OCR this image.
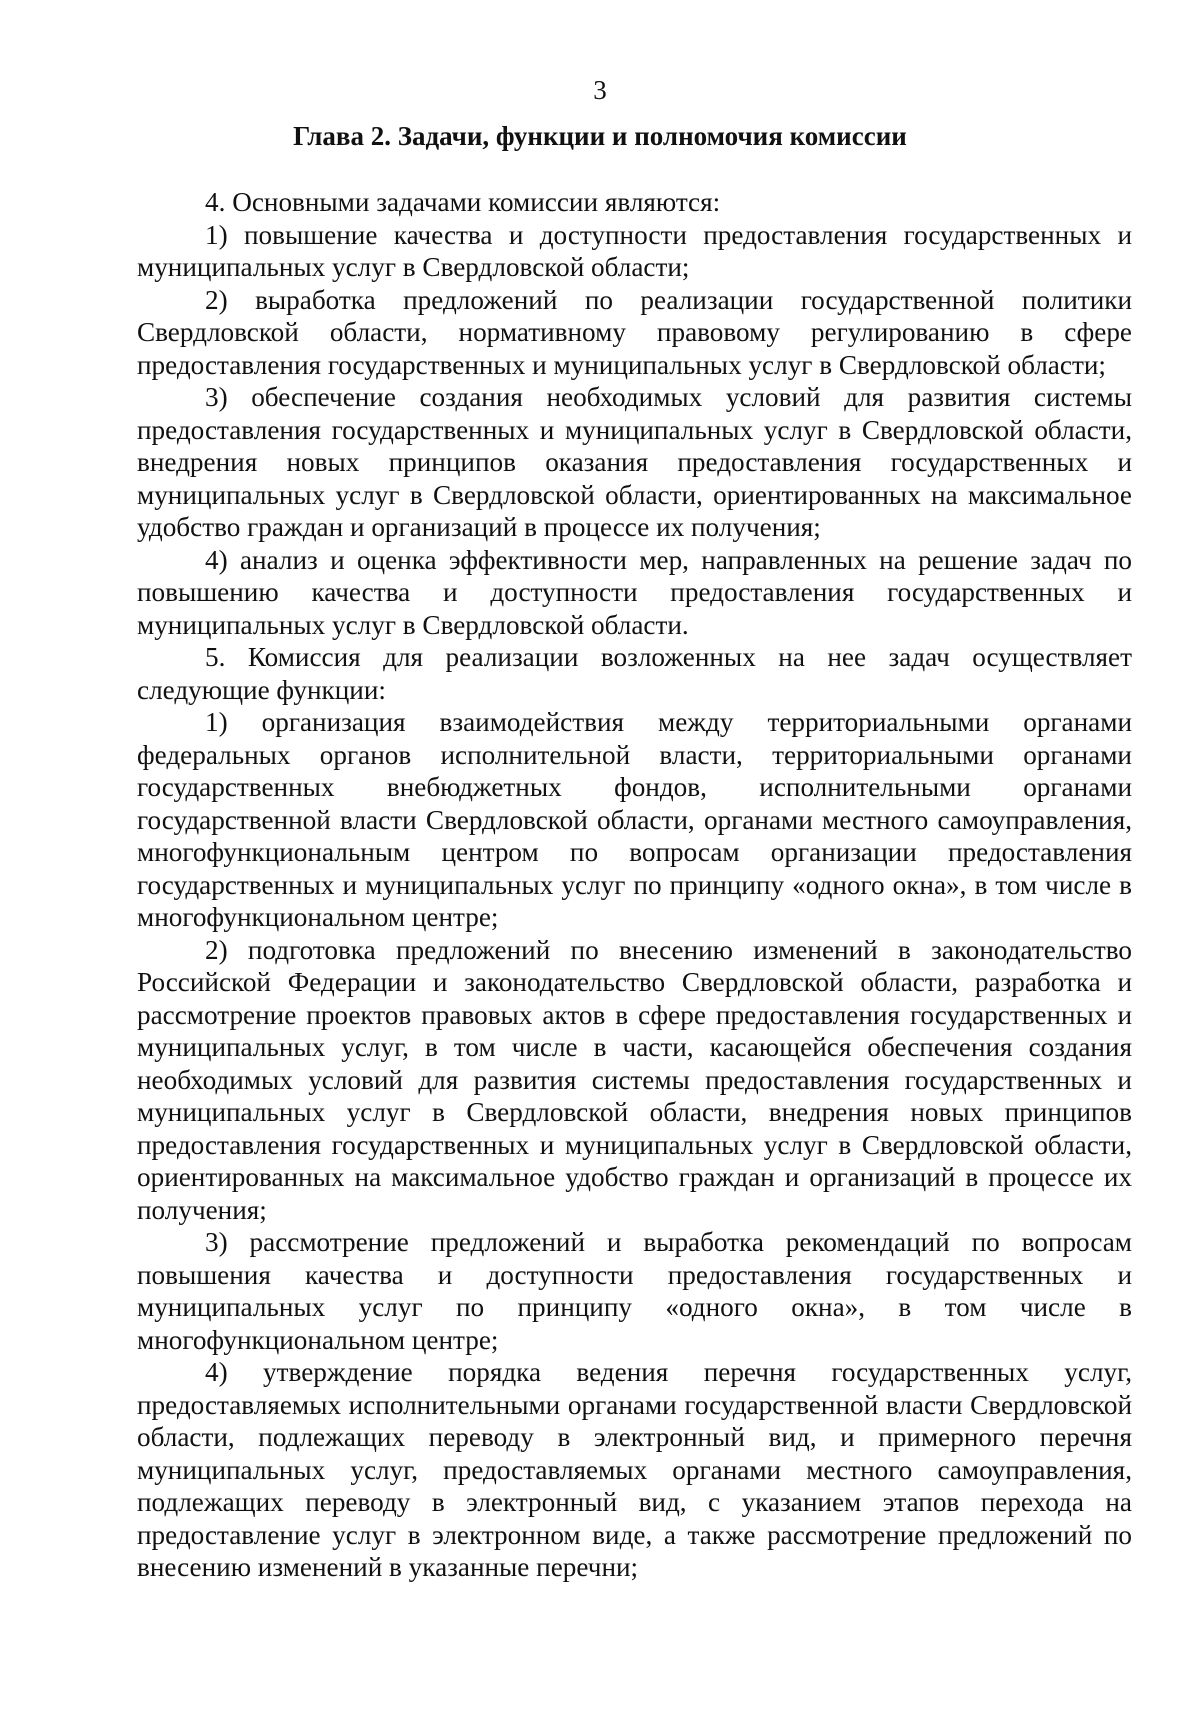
3
Глава 2. Задачи, функции и полномочия комиссии

4. Основными задачами комиссии являются:

1) повышение качества и доступности предоставления государственных и муниципальных услуг в Свердловской области;

2) выработка предложений по реализации государственной политики Свердловской области, нормативному правовому регулированию в сфере предоставления государственных и муниципальных услуг в Свердловской области;

3) обеспечение создания необходимых условий для развития системы предоставления государственных и муниципальных услуг в Свердловской области, внедрения новых принципов оказания предоставления государственных и муниципальных услуг в Свердловской области, ориентированных на максимальное удобство граждан и организаций в процессе их получения;

4) анализ и оценка эффективности мер, направленных на решение задач по повышению качества и доступности предоставления государственных и муниципальных услуг в Свердловской области.

5. Комиссия для реализации возложенных на нее задач осуществляет следующие функции:

1) организация взаимодействия между территориальными органами федеральных органов исполнительной власти, территориальными органами государственных внебюджетных фондов, исполнительными органами государственной власти Свердловской области, органами местного самоуправления, многофункциональным центром по вопросам организации предоставления государственных и муниципальных услуг по принципу «одного окна», в том числе в многофункциональном центре;

2) подготовка предложений по внесению изменений в законодательство Российской Федерации и законодательство Свердловской области, разработка и рассмотрение проектов правовых актов в сфере предоставления государственных и муниципальных услуг, в том числе в части, касающейся обеспечения создания необходимых условий для развития системы предоставления государственных и муниципальных услуг в Свердловской области, внедрения новых принципов предоставления государственных и муниципальных услуг в Свердловской области, ориентированных на максимальное удобство граждан и организаций в процессе их получения;

3) рассмотрение предложений и выработка рекомендаций по вопросам повышения качества и доступности предоставления государственных и муниципальных услуг по принципу «одного окна», в том числе в многофункциональном центре;

4) утверждение порядка ведения перечня государственных услуг, предоставляемых исполнительными органами государственной власти Свердловской области, подлежащих переводу в электронный вид, и примерного перечня муниципальных услуг, предоставляемых органами местного самоуправления, подлежащих переводу в электронный вид, с указанием этапов перехода на предоставление услуг в электронном виде, а также рассмотрение предложений по внесению изменений в указанные перечни;
